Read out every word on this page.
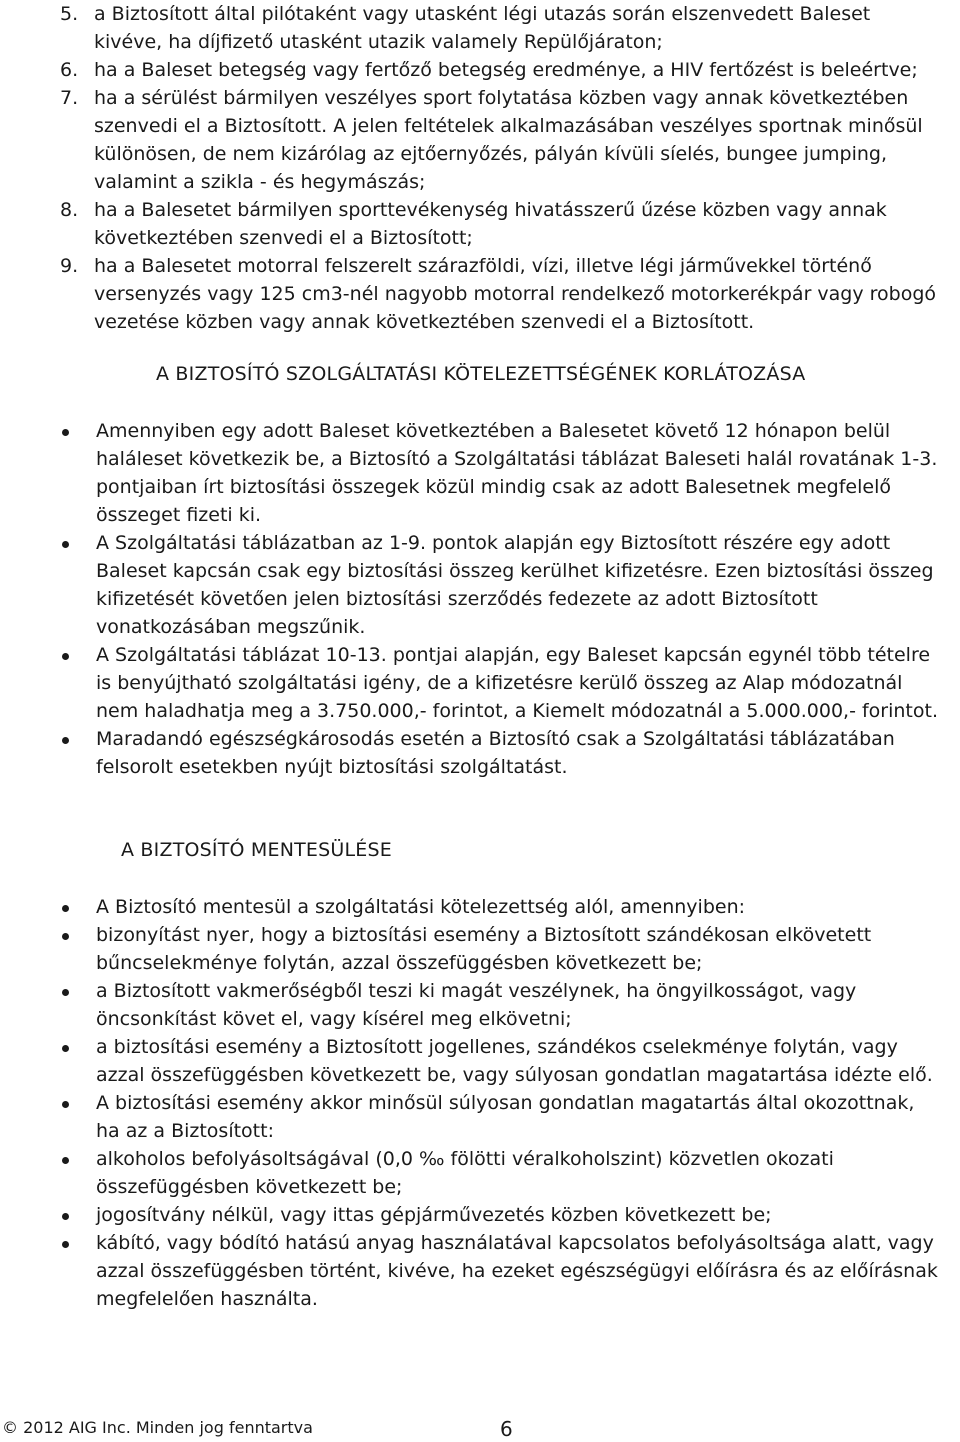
5. a Biztosított által pilótaként vagy utasként légi utazás során elszenvedett Baleset kivéve, ha díjfizető utasként utazik valamely Repülőjáraton;
6. ha a Baleset betegség vagy fertőző betegség eredménye, a HIV fertőzést is beleértve;
7. ha a sérülést bármilyen veszélyes sport folytatása közben vagy annak következtében szenvedi el a Biztosított. A jelen feltételek alkalmazásában veszélyes sportnak minősül különösen, de nem kizárólag az ejtőernyőzés, pályán kívüli síelés, bungee jumping, valamint a szikla - és hegymászás;
8. ha a Balesetet bármilyen sporttevékenység hivatásszerű űzése közben vagy annak következtében szenvedi el a Biztosított;
9. ha a Balesetet motorral felszerelt szárazföldi, vízi, illetve légi járművekkel történő versenyzés vagy 125 cm3-nél nagyobb motorral rendelkező motorkerékpár vagy robogó vezetése közben vagy annak következtében szenvedi el a Biztosított.
A BIZTOSÍTÓ SZOLGÁLTATÁSI KÖTELEZETTSÉGÉNEK KORLÁTOZÁSA
Amennyiben egy adott Baleset következtében a Balesetet követő 12 hónapon belül haláleset következik be, a Biztosító a Szolgáltatási táblázat Baleseti halál rovatának 1-3. pontjaiban írt biztosítási összegek közül mindig csak az adott Balesetnek megfelelő összeget fizeti ki.
A Szolgáltatási táblázatban az 1-9. pontok alapján egy Biztosított részére egy adott Baleset kapcsán csak egy biztosítási összeg kerülhet kifizetésre. Ezen biztosítási összeg kifizetését követően jelen biztosítási szerződés fedezete az adott Biztosított vonatkozásában megszűnik.
A Szolgáltatási táblázat 10-13. pontjai alapján, egy Baleset kapcsán egynél több tételre is benyújtható szolgáltatási igény, de a kifizetésre kerülő összeg az Alap módozatnál nem haladhatja meg a 3.750.000,- forintot, a Kiemelt módozatnál a 5.000.000,- forintot.
Maradandó egészségkárosodás esetén a Biztosító csak a Szolgáltatási táblázatában felsorolt esetekben nyújt biztosítási szolgáltatást.
A BIZTOSÍTÓ MENTESÜLÉSE
A Biztosító mentesül a szolgáltatási kötelezettség alól, amennyiben:
bizonyítást nyer, hogy a biztosítási esemény a Biztosított szándékosan elkövetett bűncselekménye folytán, azzal összefüggésben következett be;
a Biztosított vakmerőségből teszi ki magát veszélynek, ha öngyilkosságot, vagy öncsonkítást követ el, vagy kísérel meg elkövetni;
a biztosítási esemény a Biztosított jogellenes, szándékos cselekménye folytán, vagy azzal összefüggésben következett be, vagy súlyosan gondatlan magatartása idézte elő.
A biztosítási esemény akkor minősül súlyosan gondatlan magatartás által okozottnak, ha az a Biztosított:
alkoholos befolyásoltságával (0,0 ‰ fölötti véralkoholszint) közvetlen okozati összefüggésben következett be;
jogosítvány nélkül, vagy ittas gépjárművezetés közben következett be;
kábító, vagy bódító hatású anyag használatával kapcsolatos befolyásoltsága alatt, vagy azzal összefüggésben történt, kivéve, ha ezeket egészségügyi előírásra és az előírásnak megfelelően használta.
© 2012 AIG Inc. Minden jog fenntartva	6
